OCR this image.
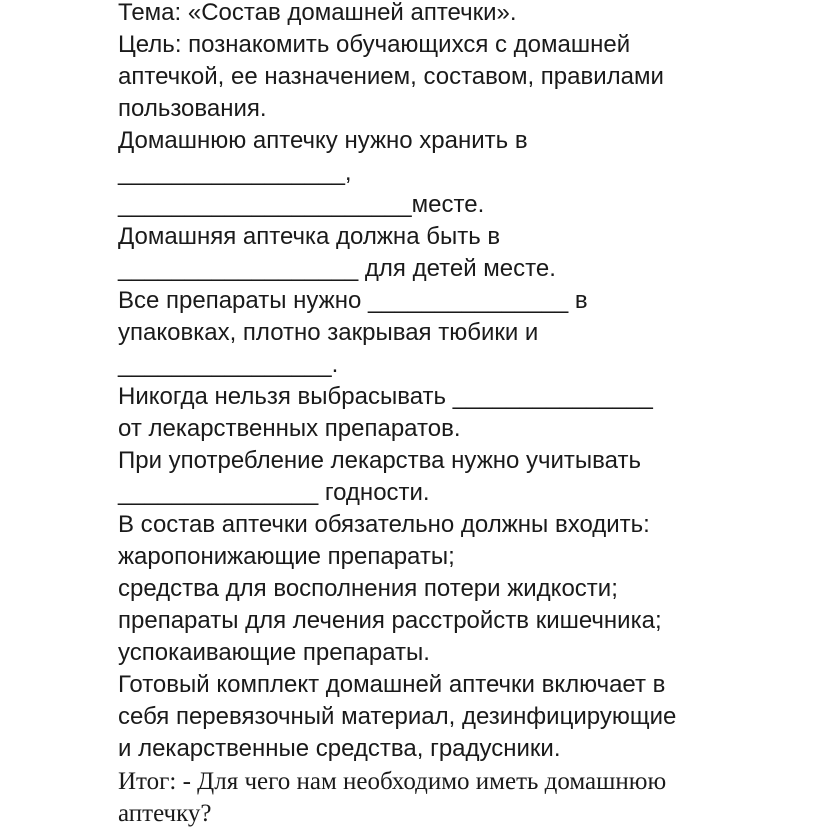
Тема: «Состав домашней аптечки».
Цель: познакомить обучающихся с домашней
аптечкой, ее назначением, составом, правилами
пользования.
Домашнюю аптечку нужно хранить в
_________________,
______________________месте.
Домашняя аптечка должна быть в
__________________ для детей месте.
Все препараты нужно _______________ в
упаковках, плотно закрывая тюбики и
________________.
Никогда нельзя выбрасывать _______________
от лекарственных препаратов.
При употребление лекарства нужно учитывать
_______________ годности.
В состав аптечки обязательно должны входить:
жаропонижающие препараты;
средства для восполнения потери жидкости;
препараты для лечения расстройств кишечника;
успокаивающие препараты.
Готовый комплект домашней аптечки включает в
себя перевязочный материал, дезинфицирующие
и лекарственные средства, градусники.
Итог: - Для чего нам необходимо иметь домашнюю
аптечку?
